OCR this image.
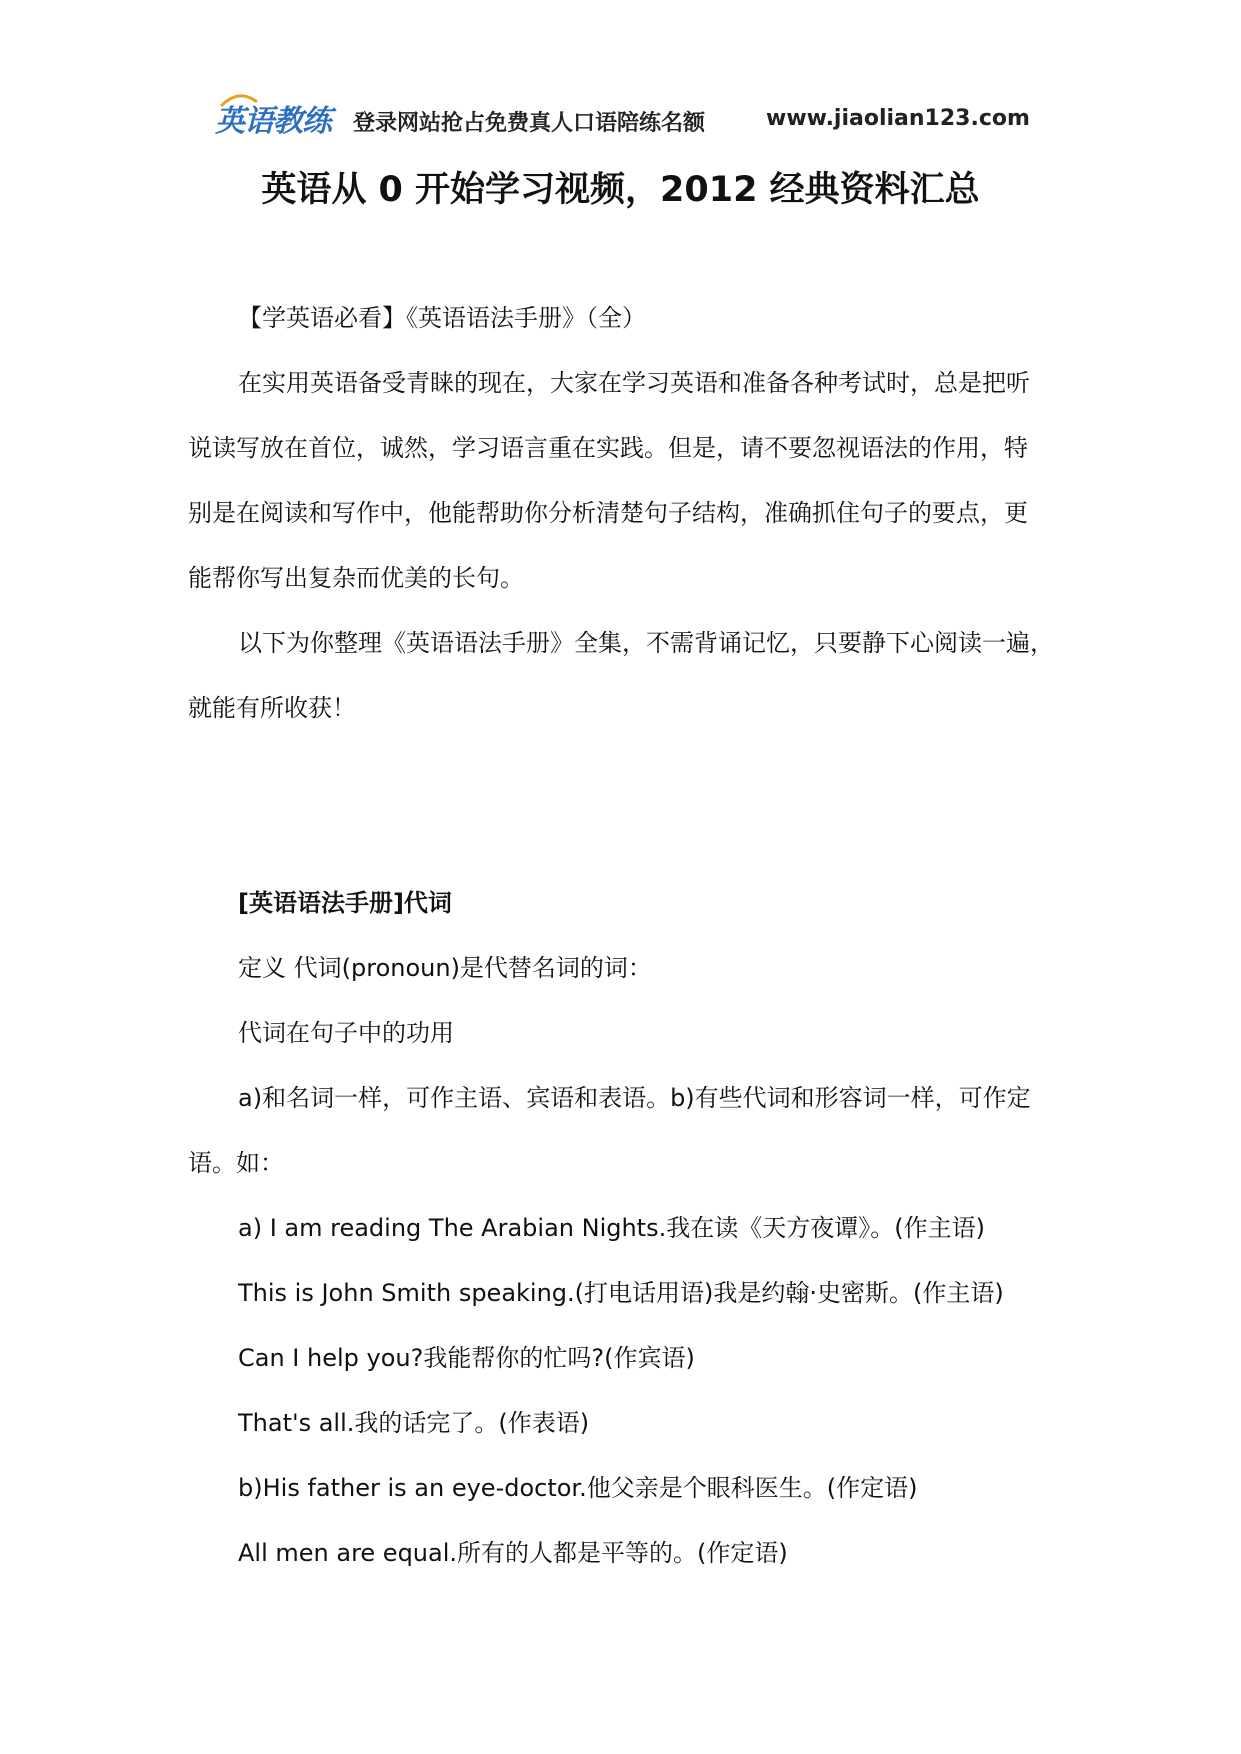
英语教练 登录网站抢占免费真人口语陪练名额	www.jiaolian123.com
英语从 0 开始学习视频，2012 经典资料汇总
【学英语必看】《英语语法手册》（全）
在实用英语备受青睐的现在，大家在学习英语和准备各种考试时，总是把听
说读写放在首位，诚然，学习语言重在实践。但是，请不要忽视语法的作用，特
别是在阅读和写作中，他能帮助你分析清楚句子结构，准确抓住句子的要点，更
能帮你写出复杂而优美的长句。
以下为你整理《英语语法手册》全集，不需背诵记忆，只要静下心阅读一遍，
就能有所收获！
[英语语法手册]代词
定义 代词(pronoun)是代替名词的词：
代词在句子中的功用
a)和名词一样，可作主语、宾语和表语。b)有些代词和形容词一样，可作定
语。如：
a) I am reading The Arabian Nights.我在读《天方夜谭》。(作主语)
This is John Smith speaking.(打电话用语)我是约翰·史密斯。(作主语)
Can I help you?我能帮你的忙吗?(作宾语)
That's all.我的话完了。(作表语)
b)His father is an eye-doctor.他父亲是个眼科医生。(作定语)
All men are equal.所有的人都是平等的。(作定语)
